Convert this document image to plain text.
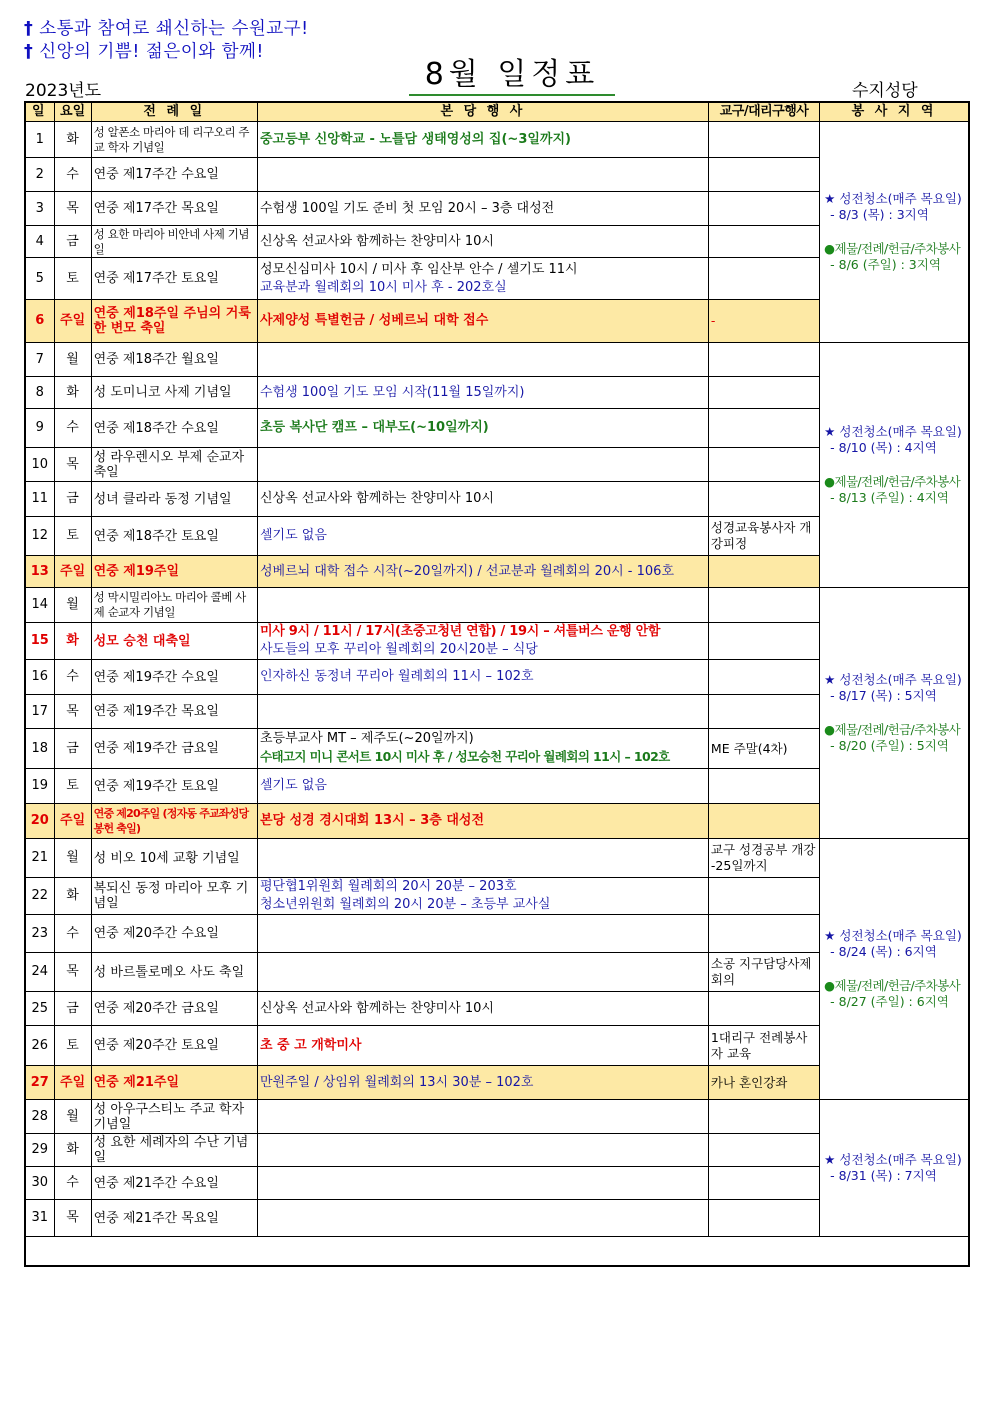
† 소통과 참여로 쇄신하는 수원교구!
† 신앙의 기쁨! 젊은이와 함께!
2023년도	8월 일정표	수지성당
일	요일	전 례 일	본 당 행 사	교구/대리구행사	봉 사 지 역
1	화	성 알폰소 마리아 데 리구오리 주교 학자 기념일	중고등부 신앙학교 - 노틀담 생태영성의 집(~3일까지)		★ 성전청소(매주 목요일)
- 8/3 (목) : 3지역
●제물/전례/헌금/주차봉사
- 8/6 (주일) : 3지역

2	수	연중 제17주간 수요일			
3	목	연중 제17주간 목요일	수험생 100일 기도 준비 첫 모임 20시 – 3층 대성전		

4	금	성 요한 마리아 비안네 사제 기념일	신상옥 선교사와 함께하는 찬양미사 10시		

5	토	연중 제17주간 토요일	성모신심미사 10시 / 미사 후 임산부 안수 / 셀기도 11시
교육분과 월례회의 10시 미사 후 - 202호실		

6	주일	연중 제18주일 주님의 거룩한 변모 축일	사제양성 특별헌금 / 성베르뇌 대학 접수	-	
7	월	연중 제18주간 월요일			★ 성전청소(매주 목요일)
- 8/10 (목) : 4지역
●제물/전례/헌금/주차봉사
- 8/13 (주일) : 4지역

8	화	성 도미니코 사제 기념일	수험생 100일 기도 모임 시작(11월 15일까지)		

9	수	연중 제18주간 수요일	초등 복사단 캠프 – 대부도(~10일까지)		

10	목	성 라우렌시오 부제 순교자 축일			
11	금	성녀 클라라 동정 기념일	신상옥 선교사와 함께하는 찬양미사 10시		

12	토	연중 제18주간 토요일	셀기도 없음	성경교육봉사자 개강피정	
13	주일	연중 제19주일	성베르뇌 대학 접수 시작(~20일까지) / 선교분과 월례회의 20시 - 106호		

14	월	성 막시밀리아노 마리아 콜베 사제 순교자 기념일			★ 성전청소(매주 목요일)
- 8/17 (목) : 5지역
●제물/전례/헌금/주차봉사
- 8/20 (주일) : 5지역

15	화	성모 승천 대축일	미사 9시 / 11시 / 17시(초중고청년 연합) / 19시 – 셔틀버스 운행 안함
사도들의 모후 꾸리아 월례회의 20시20분 – 식당		

16	수	연중 제19주간 수요일	인자하신 동정녀 꾸리아 월례회의 11시 – 102호		

17	목	연중 제19주간 목요일			
18	금	연중 제19주간 금요일	초등부교사 MT – 제주도(~20일까지)
수태고지 미니 콘서트 10시 미사 후 / 성모승천 꾸리아 월례회의 11시 – 102호	ME 주말(4차)	
19	토	연중 제19주간 토요일	셀기도 없음		

20	주일	연중 제20주일 (정자동 주교좌성당 봉헌 축일)	본당 성경 경시대회 13시 – 3층 대성전		

21	월	성 비오 10세 교황 기념일		교구 성경공부 개강 -25일까지	★ 성전청소(매주 목요일)
- 8/24 (목) : 6지역
●제물/전례/헌금/주차봉사
- 8/27 (주일) : 6지역

22	화	복되신 동정 마리아 모후 기념일	평단협1위원회 월례회의 20시 20분 – 203호
청소년위원회 월례회의 20시 20분 – 초등부 교사실		

23	수	연중 제20주간 수요일			
24	목	성 바르톨로메오 사도 축일		소공 지구담당사제회의	
25	금	연중 제20주간 금요일	신상옥 선교사와 함께하는 찬양미사 10시		

26	토	연중 제20주간 토요일	초 중 고 개학미사	1대리구 전례봉사자 교육	
27	주일	연중 제21주일	만원주일 / 상임위 월례회의 13시 30분 – 102호	카나 혼인강좌	
28	월	성 아우구스티노 주교 학자 기념일			★ 성전청소(매주 목요일)
- 8/31 (목) : 7지역

29	화	성 요한 세례자의 수난 기념일			
30	수	연중 제21주간 수요일			
31	목	연중 제21주간 목요일			
